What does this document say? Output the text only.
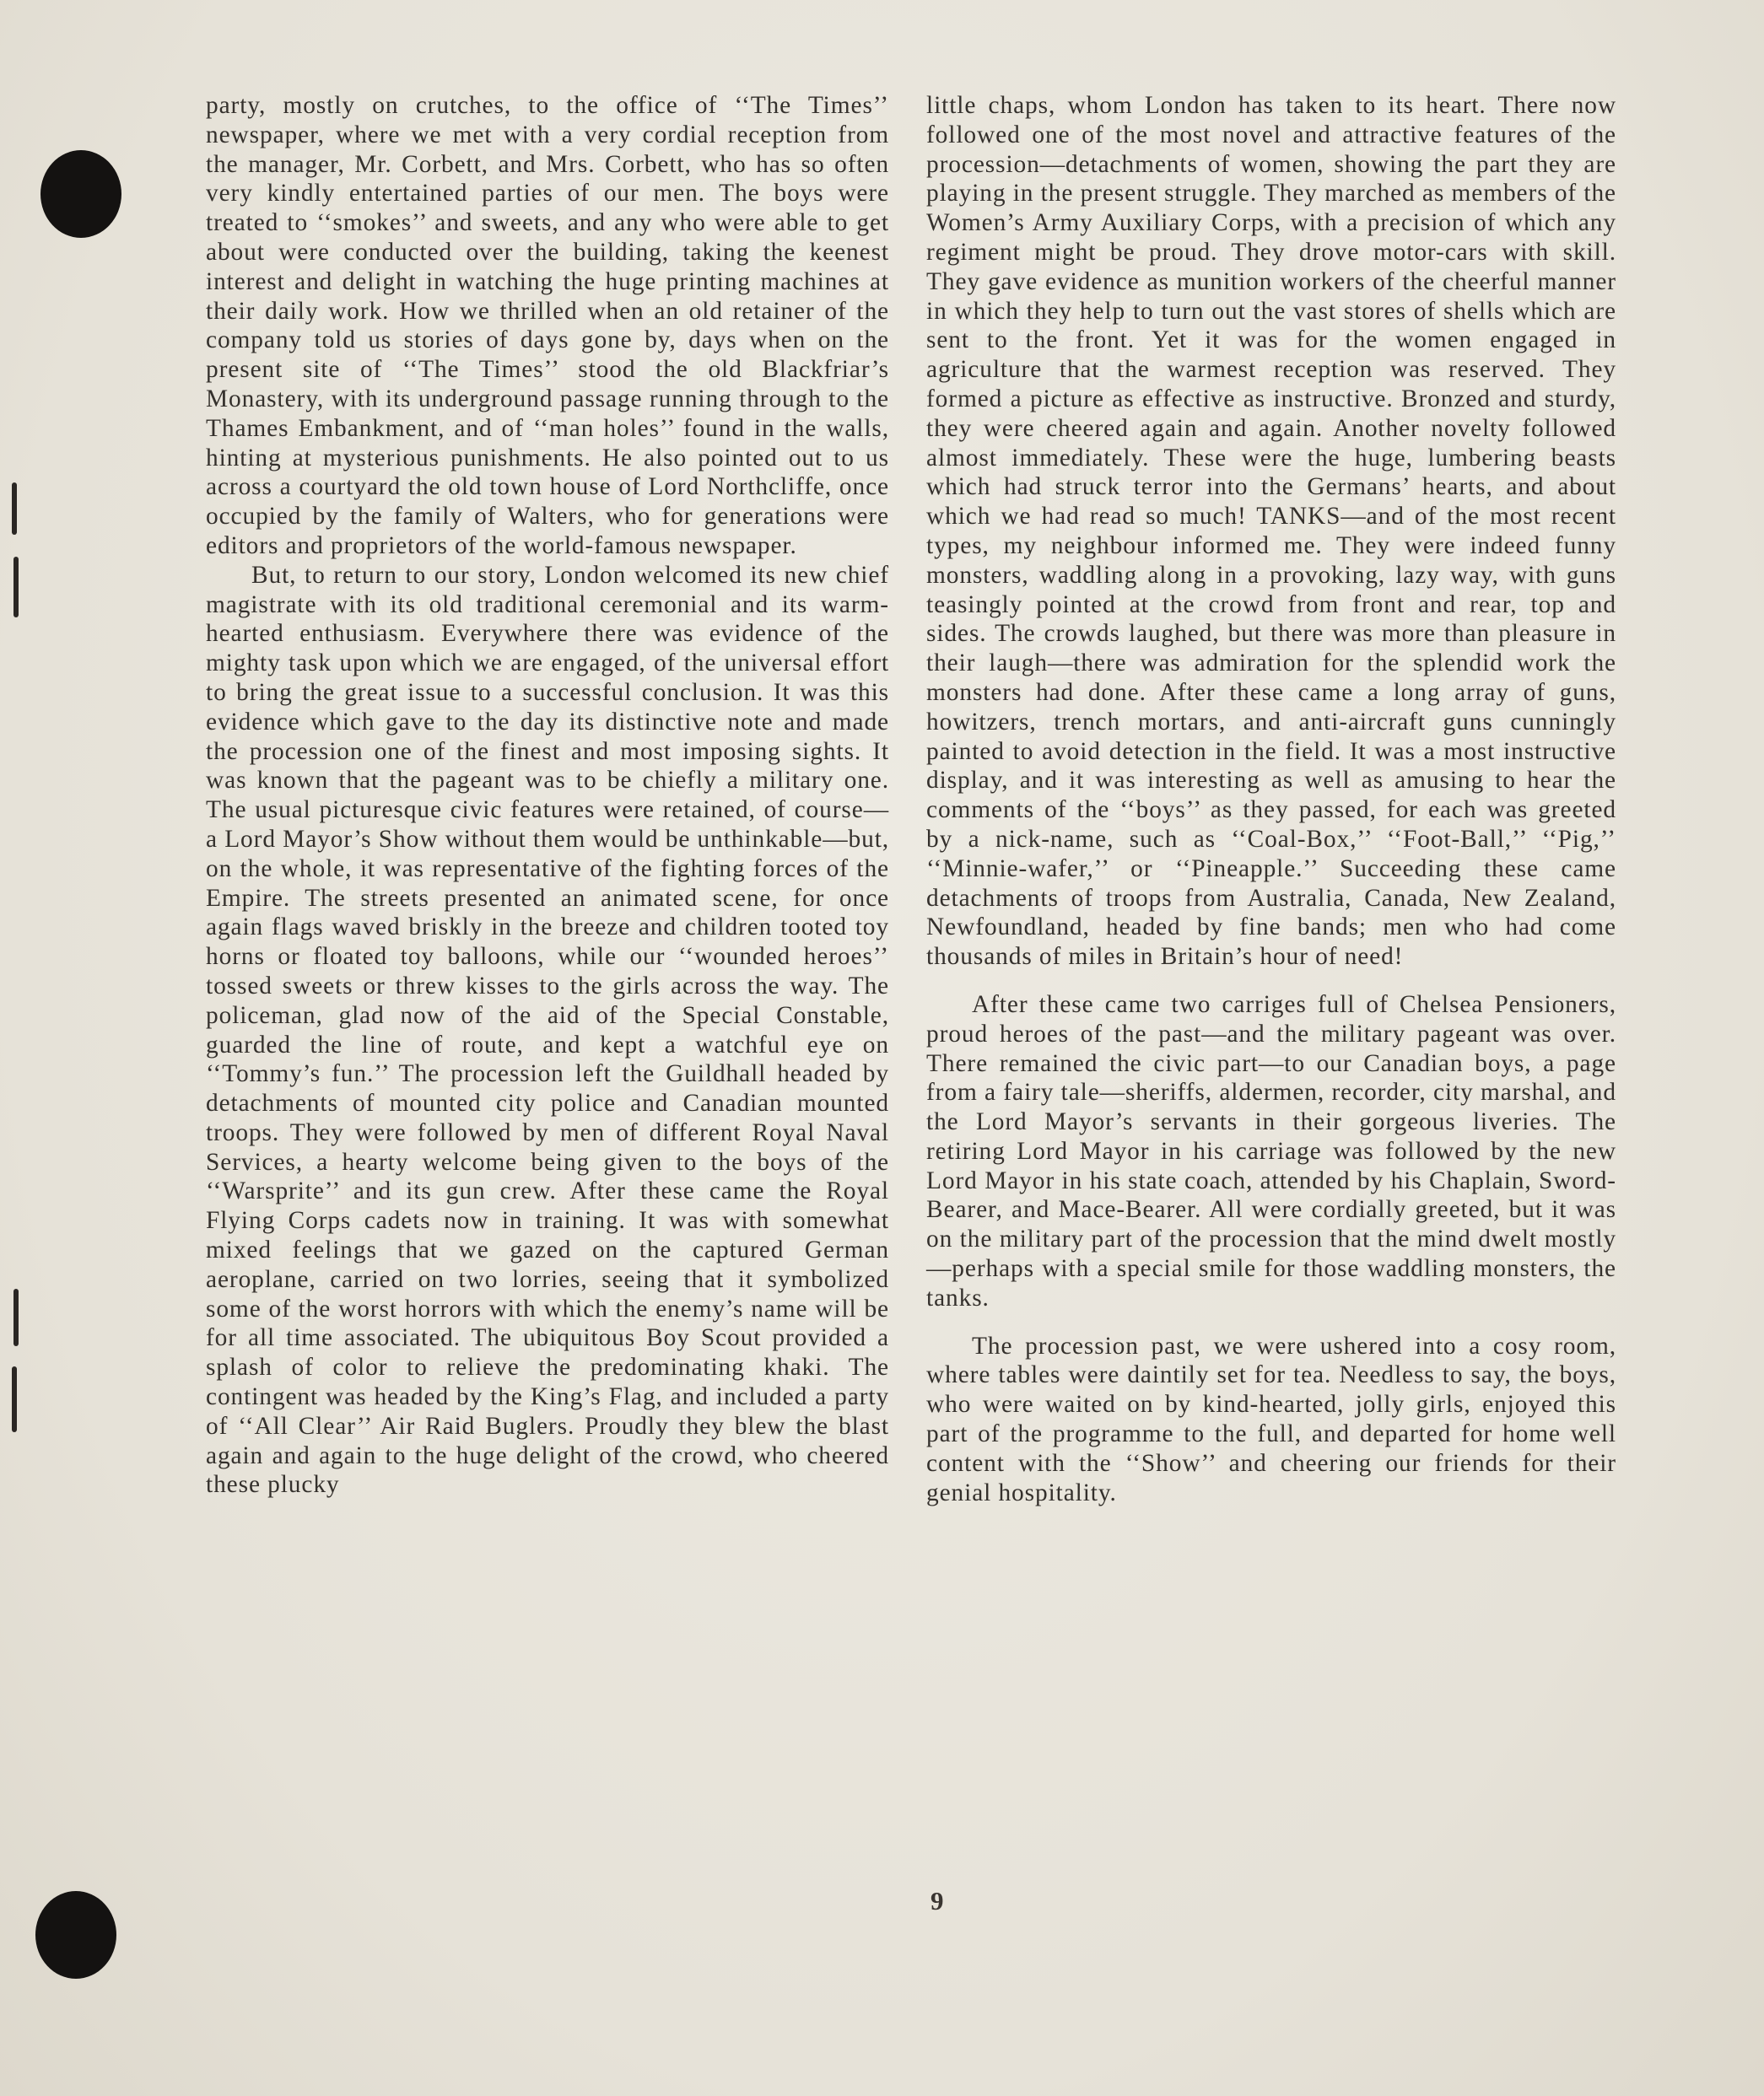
party, mostly on crutches, to the office of ‘‘The Times’’ newspaper, where we met with a very cordial reception from the manager, Mr. Corbett, and Mrs. Corbett, who has so often very kindly entertained parties of our men. The boys were treated to ‘‘smokes’’ and sweets, and any who were able to get about were conducted over the building, taking the keenest interest and delight in watching the huge printing machines at their daily work. How we thrilled when an old retainer of the company told us stories of days gone by, days when on the present site of ‘‘The Times’’ stood the old Blackfriar’s Monastery, with its underground passage running through to the Thames Embankment, and of ‘‘man holes’’ found in the walls, hinting at mysterious punishments. He also pointed out to us across a courtyard the old town house of Lord Northcliffe, once occupied by the family of Walters, who for generations were editors and proprietors of the world-famous newspaper.

But, to return to our story, London welcomed its new chief magistrate with its old traditional ceremonial and its warm-hearted enthusiasm. Everywhere there was evidence of the mighty task upon which we are engaged, of the universal effort to bring the great issue to a successful conclusion. It was this evidence which gave to the day its distinctive note and made the procession one of the finest and most imposing sights. It was known that the pageant was to be chiefly a military one. The usual picturesque civic features were retained, of course—a Lord Mayor’s Show without them would be unthinkable—but, on the whole, it was representative of the fighting forces of the Empire. The streets presented an animated scene, for once again flags waved briskly in the breeze and children tooted toy horns or floated toy balloons, while our ‘‘wounded heroes’’ tossed sweets or threw kisses to the girls across the way. The policeman, glad now of the aid of the Special Constable, guarded the line of route, and kept a watchful eye on ‘‘Tommy’s fun.’’ The procession left the Guildhall headed by detachments of mounted city police and Canadian mounted troops. They were followed by men of different Royal Naval Services, a hearty welcome being given to the boys of the ‘‘Warsprite’’ and its gun crew. After these came the Royal Flying Corps cadets now in training. It was with somewhat mixed feelings that we gazed on the captured German aeroplane, carried on two lorries, seeing that it symbolized some of the worst horrors with which the enemy’s name will be for all time associated. The ubiquitous Boy Scout provided a splash of color to relieve the predominating khaki. The contingent was headed by the King’s Flag, and included a party of ‘‘All Clear’’ Air Raid Buglers. Proudly they blew the blast again and again to the huge delight of the crowd, who cheered these plucky

little chaps, whom London has taken to its heart. There now followed one of the most novel and attractive features of the procession—detachments of women, showing the part they are playing in the present struggle. They marched as members of the Women’s Army Auxiliary Corps, with a precision of which any regiment might be proud. They drove motor-cars with skill. They gave evidence as munition workers of the cheerful manner in which they help to turn out the vast stores of shells which are sent to the front. Yet it was for the women engaged in agriculture that the warmest reception was reserved. They formed a picture as effective as instructive. Bronzed and sturdy, they were cheered again and again. Another novelty followed almost immediately. These were the huge, lumbering beasts which had struck terror into the Germans’ hearts, and about which we had read so much! TANKS—and of the most recent types, my neighbour informed me. They were indeed funny monsters, waddling along in a provoking, lazy way, with guns teasingly pointed at the crowd from front and rear, top and sides. The crowds laughed, but there was more than pleasure in their laugh—there was admiration for the splendid work the monsters had done. After these came a long array of guns, howitzers, trench mortars, and anti-aircraft guns cunningly painted to avoid detection in the field. It was a most instructive display, and it was interesting as well as amusing to hear the comments of the ‘‘boys’’ as they passed, for each was greeted by a nick-name, such as ‘‘Coal-Box,’’ ‘‘Foot-Ball,’’ ‘‘Pig,’’ ‘‘Minnie-wafer,’’ or ‘‘Pineapple.’’ Succeeding these came detachments of troops from Australia, Canada, New Zealand, Newfoundland, headed by fine bands; men who had come thousands of miles in Britain’s hour of need!

After these came two carriges full of Chelsea Pensioners, proud heroes of the past—and the military pageant was over. There remained the civic part—to our Canadian boys, a page from a fairy tale—sheriffs, aldermen, recorder, city marshal, and the Lord Mayor’s servants in their gorgeous liveries. The retiring Lord Mayor in his carriage was followed by the new Lord Mayor in his state coach, attended by his Chaplain, Sword-Bearer, and Mace-Bearer. All were cordially greeted, but it was on the military part of the procession that the mind dwelt mostly—perhaps with a special smile for those waddling monsters, the tanks.

The procession past, we were ushered into a cosy room, where tables were daintily set for tea. Needless to say, the boys, who were waited on by kind-hearted, jolly girls, enjoyed this part of the programme to the full, and departed for home well content with the ‘‘Show’’ and cheering our friends for their genial hospitality.

9
